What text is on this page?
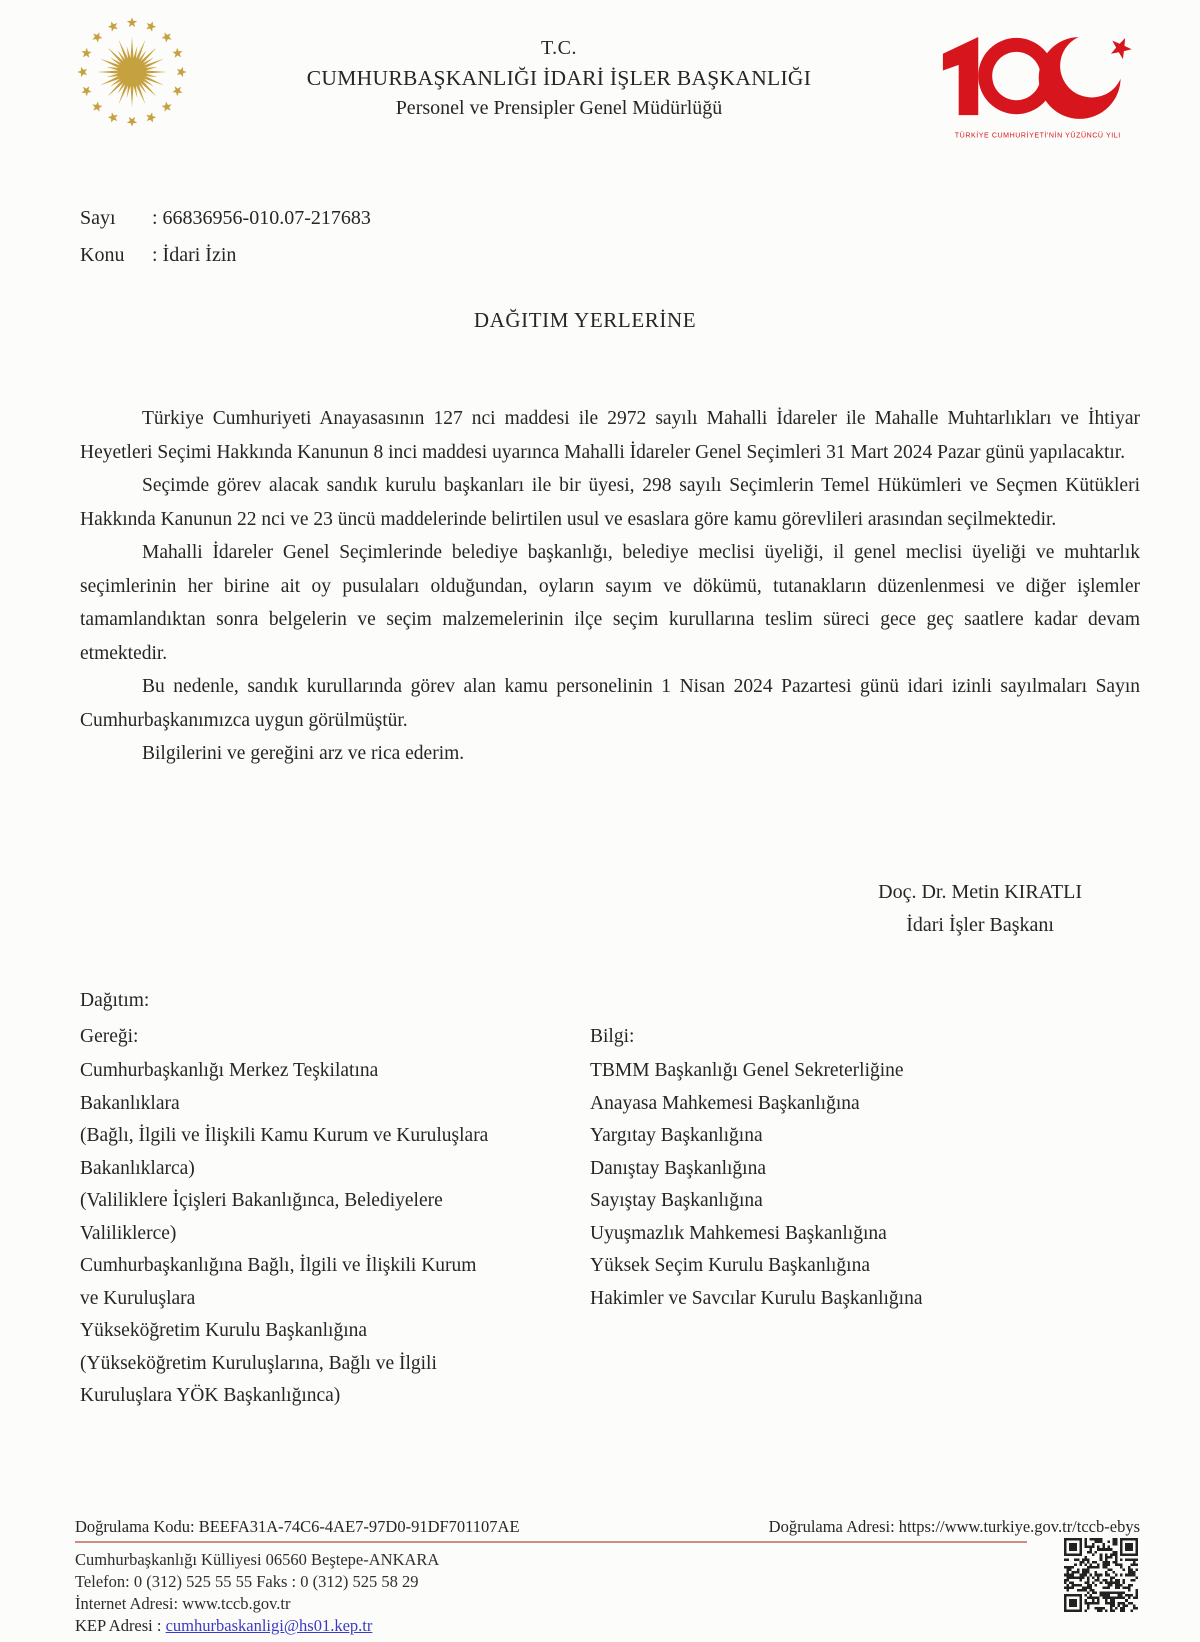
T.C.
CUMHURBAŞKANLIĞI İDARİ İŞLER BAŞKANLIĞI
Personel ve Prensipler Genel Müdürlüğü
TÜRKİYE CUMHURİYETİ'NİN YÜZÜNCÜ YILI
Sayı : 66836956-010.07-217683
Konu : İdari İzin
DAĞITIM YERLERİNE

Türkiye Cumhuriyeti Anayasasının 127 nci maddesi ile 2972 sayılı Mahalli İdareler ile Mahalle Muhtarlıkları ve İhtiyar Heyetleri Seçimi Hakkında Kanunun 8 inci maddesi uyarınca Mahalli İdareler Genel Seçimleri 31 Mart 2024 Pazar günü yapılacaktır.

Seçimde görev alacak sandık kurulu başkanları ile bir üyesi, 298 sayılı Seçimlerin Temel Hükümleri ve Seçmen Kütükleri Hakkında Kanunun 22 nci ve 23 üncü maddelerinde belirtilen usul ve esaslara göre kamu görevlileri arasından seçilmektedir.

Mahalli İdareler Genel Seçimlerinde belediye başkanlığı, belediye meclisi üyeliği, il genel meclisi üyeliği ve muhtarlık seçimlerinin her birine ait oy pusulaları olduğundan, oyların sayım ve dökümü, tutanakların düzenlenmesi ve diğer işlemler tamamlandıktan sonra belgelerin ve seçim malzemelerinin ilçe seçim kurullarına teslim süreci gece geç saatlere kadar devam etmektedir.

Bu nedenle, sandık kurullarında görev alan kamu personelinin 1 Nisan 2024 Pazartesi günü idari izinli sayılmaları Sayın Cumhurbaşkanımızca uygun görülmüştür.

Bilgilerini ve gereğini arz ve rica ederim.

Doç. Dr. Metin KIRATLI
İdari İşler Başkanı
Dağıtım:
Gereği:
Cumhurbaşkanlığı Merkez Teşkilatına
Bakanlıklara
(Bağlı, İlgili ve İlişkili Kamu Kurum ve Kuruluşlara
Bakanlıklarca)
(Valiliklere İçişleri Bakanlığınca, Belediyelere
Valiliklerce)
Cumhurbaşkanlığına Bağlı, İlgili ve İlişkili Kurum
ve Kuruluşlara
Yükseköğretim Kurulu Başkanlığına
(Yükseköğretim Kuruluşlarına, Bağlı ve İlgili
Kuruluşlara YÖK Başkanlığınca)
Bilgi:
TBMM Başkanlığı Genel Sekreterliğine
Anayasa Mahkemesi Başkanlığına
Yargıtay Başkanlığına
Danıştay Başkanlığına
Sayıştay Başkanlığına
Uyuşmazlık Mahkemesi Başkanlığına
Yüksek Seçim Kurulu Başkanlığına
Hakimler ve Savcılar Kurulu Başkanlığına
Doğrulama Kodu: BEEFA31A-74C6-4AE7-97D0-91DF701107AE	Doğrulama Adresi: https://www.turkiye.gov.tr/tccb-ebys
Cumhurbaşkanlığı Külliyesi 06560 Beştepe-ANKARA
Telefon: 0 (312) 525 55 55 Faks : 0 (312) 525 58 29
İnternet Adresi: www.tccb.gov.tr
KEP Adresi : cumhurbaskanligi@hs01.kep.tr
